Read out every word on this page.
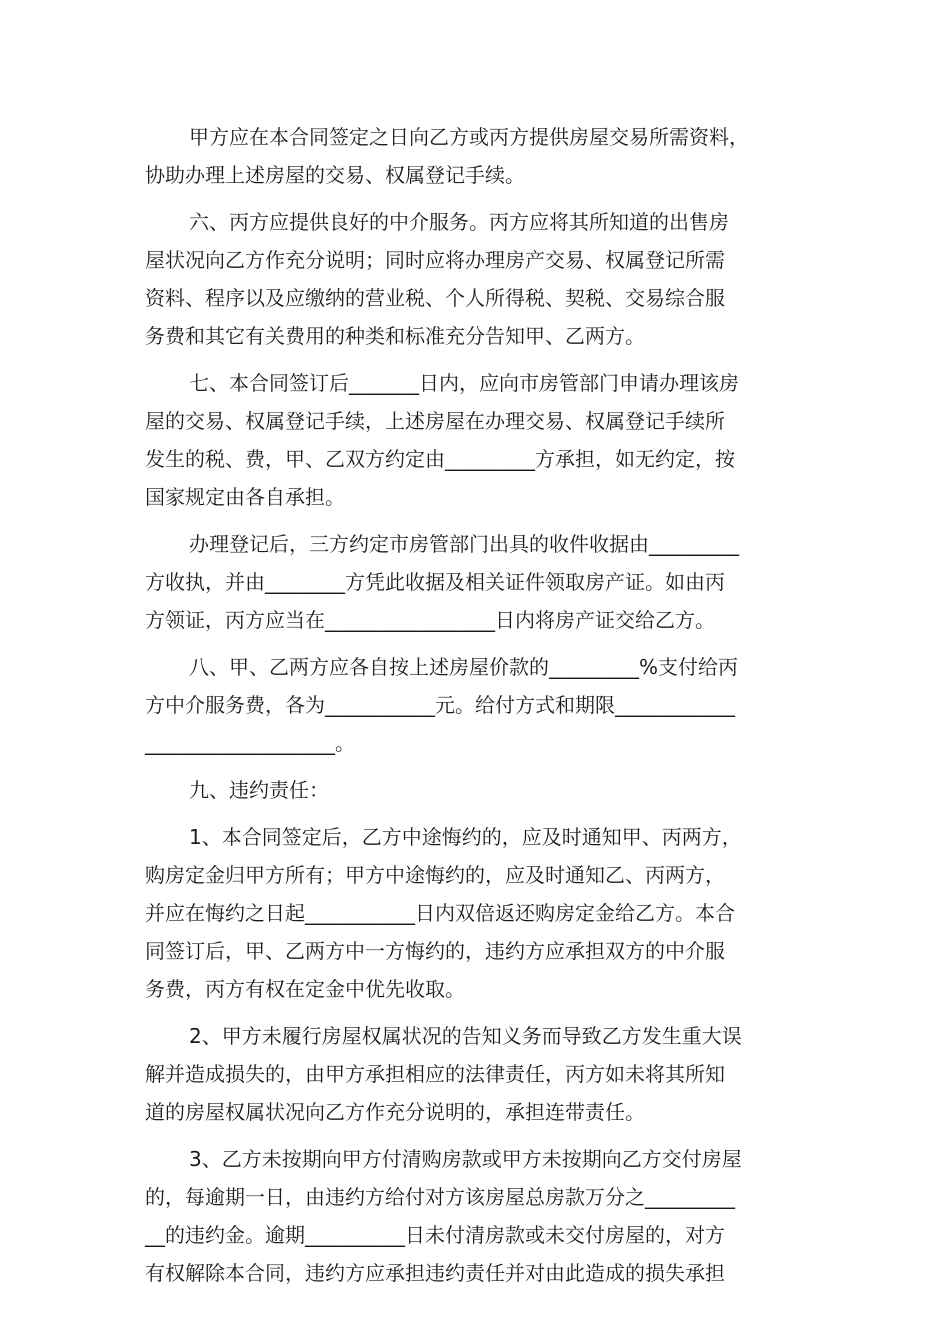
甲方应在本合同签定之日向乙方或丙方提供房屋交易所需资料，
协助办理上述房屋的交易、权属登记手续。
六、丙方应提供良好的中介服务。丙方应将其所知道的出售房
屋状况向乙方作充分说明；同时应将办理房产交易、权属登记所需
资料、程序以及应缴纳的营业税、个人所得税、契税、交易综合服
务费和其它有关费用的种类和标准充分告知甲、乙两方。
七、本合同签订后_______日内，应向市房管部门申请办理该房
屋的交易、权属登记手续，上述房屋在办理交易、权属登记手续所
发生的税、费，甲、乙双方约定由_________方承担，如无约定，按
国家规定由各自承担。
办理登记后，三方约定市房管部门出具的收件收据由_________
方收执，并由________方凭此收据及相关证件领取房产证。如由丙
方领证，丙方应当在_________________日内将房产证交给乙方。
八、甲、乙两方应各自按上述房屋价款的_________%支付给丙
方中介服务费，各为___________元。给付方式和期限____________
___________________。
九、违约责任：
1、本合同签定后，乙方中途悔约的，应及时通知甲、丙两方，
购房定金归甲方所有；甲方中途悔约的，应及时通知乙、丙两方，
并应在悔约之日起___________日内双倍返还购房定金给乙方。本合
同签订后，甲、乙两方中一方悔约的，违约方应承担双方的中介服
务费，丙方有权在定金中优先收取。
2、甲方未履行房屋权属状况的告知义务而导致乙方发生重大误
解并造成损失的，由甲方承担相应的法律责任，丙方如未将其所知
道的房屋权属状况向乙方作充分说明的，承担连带责任。
3、乙方未按期向甲方付清购房款或甲方未按期向乙方交付房屋
的，每逾期一日，由违约方给付对方该房屋总房款万分之_________
__的违约金。逾期__________日未付清房款或未交付房屋的，对方
有权解除本合同，违约方应承担违约责任并对由此造成的损失承担
